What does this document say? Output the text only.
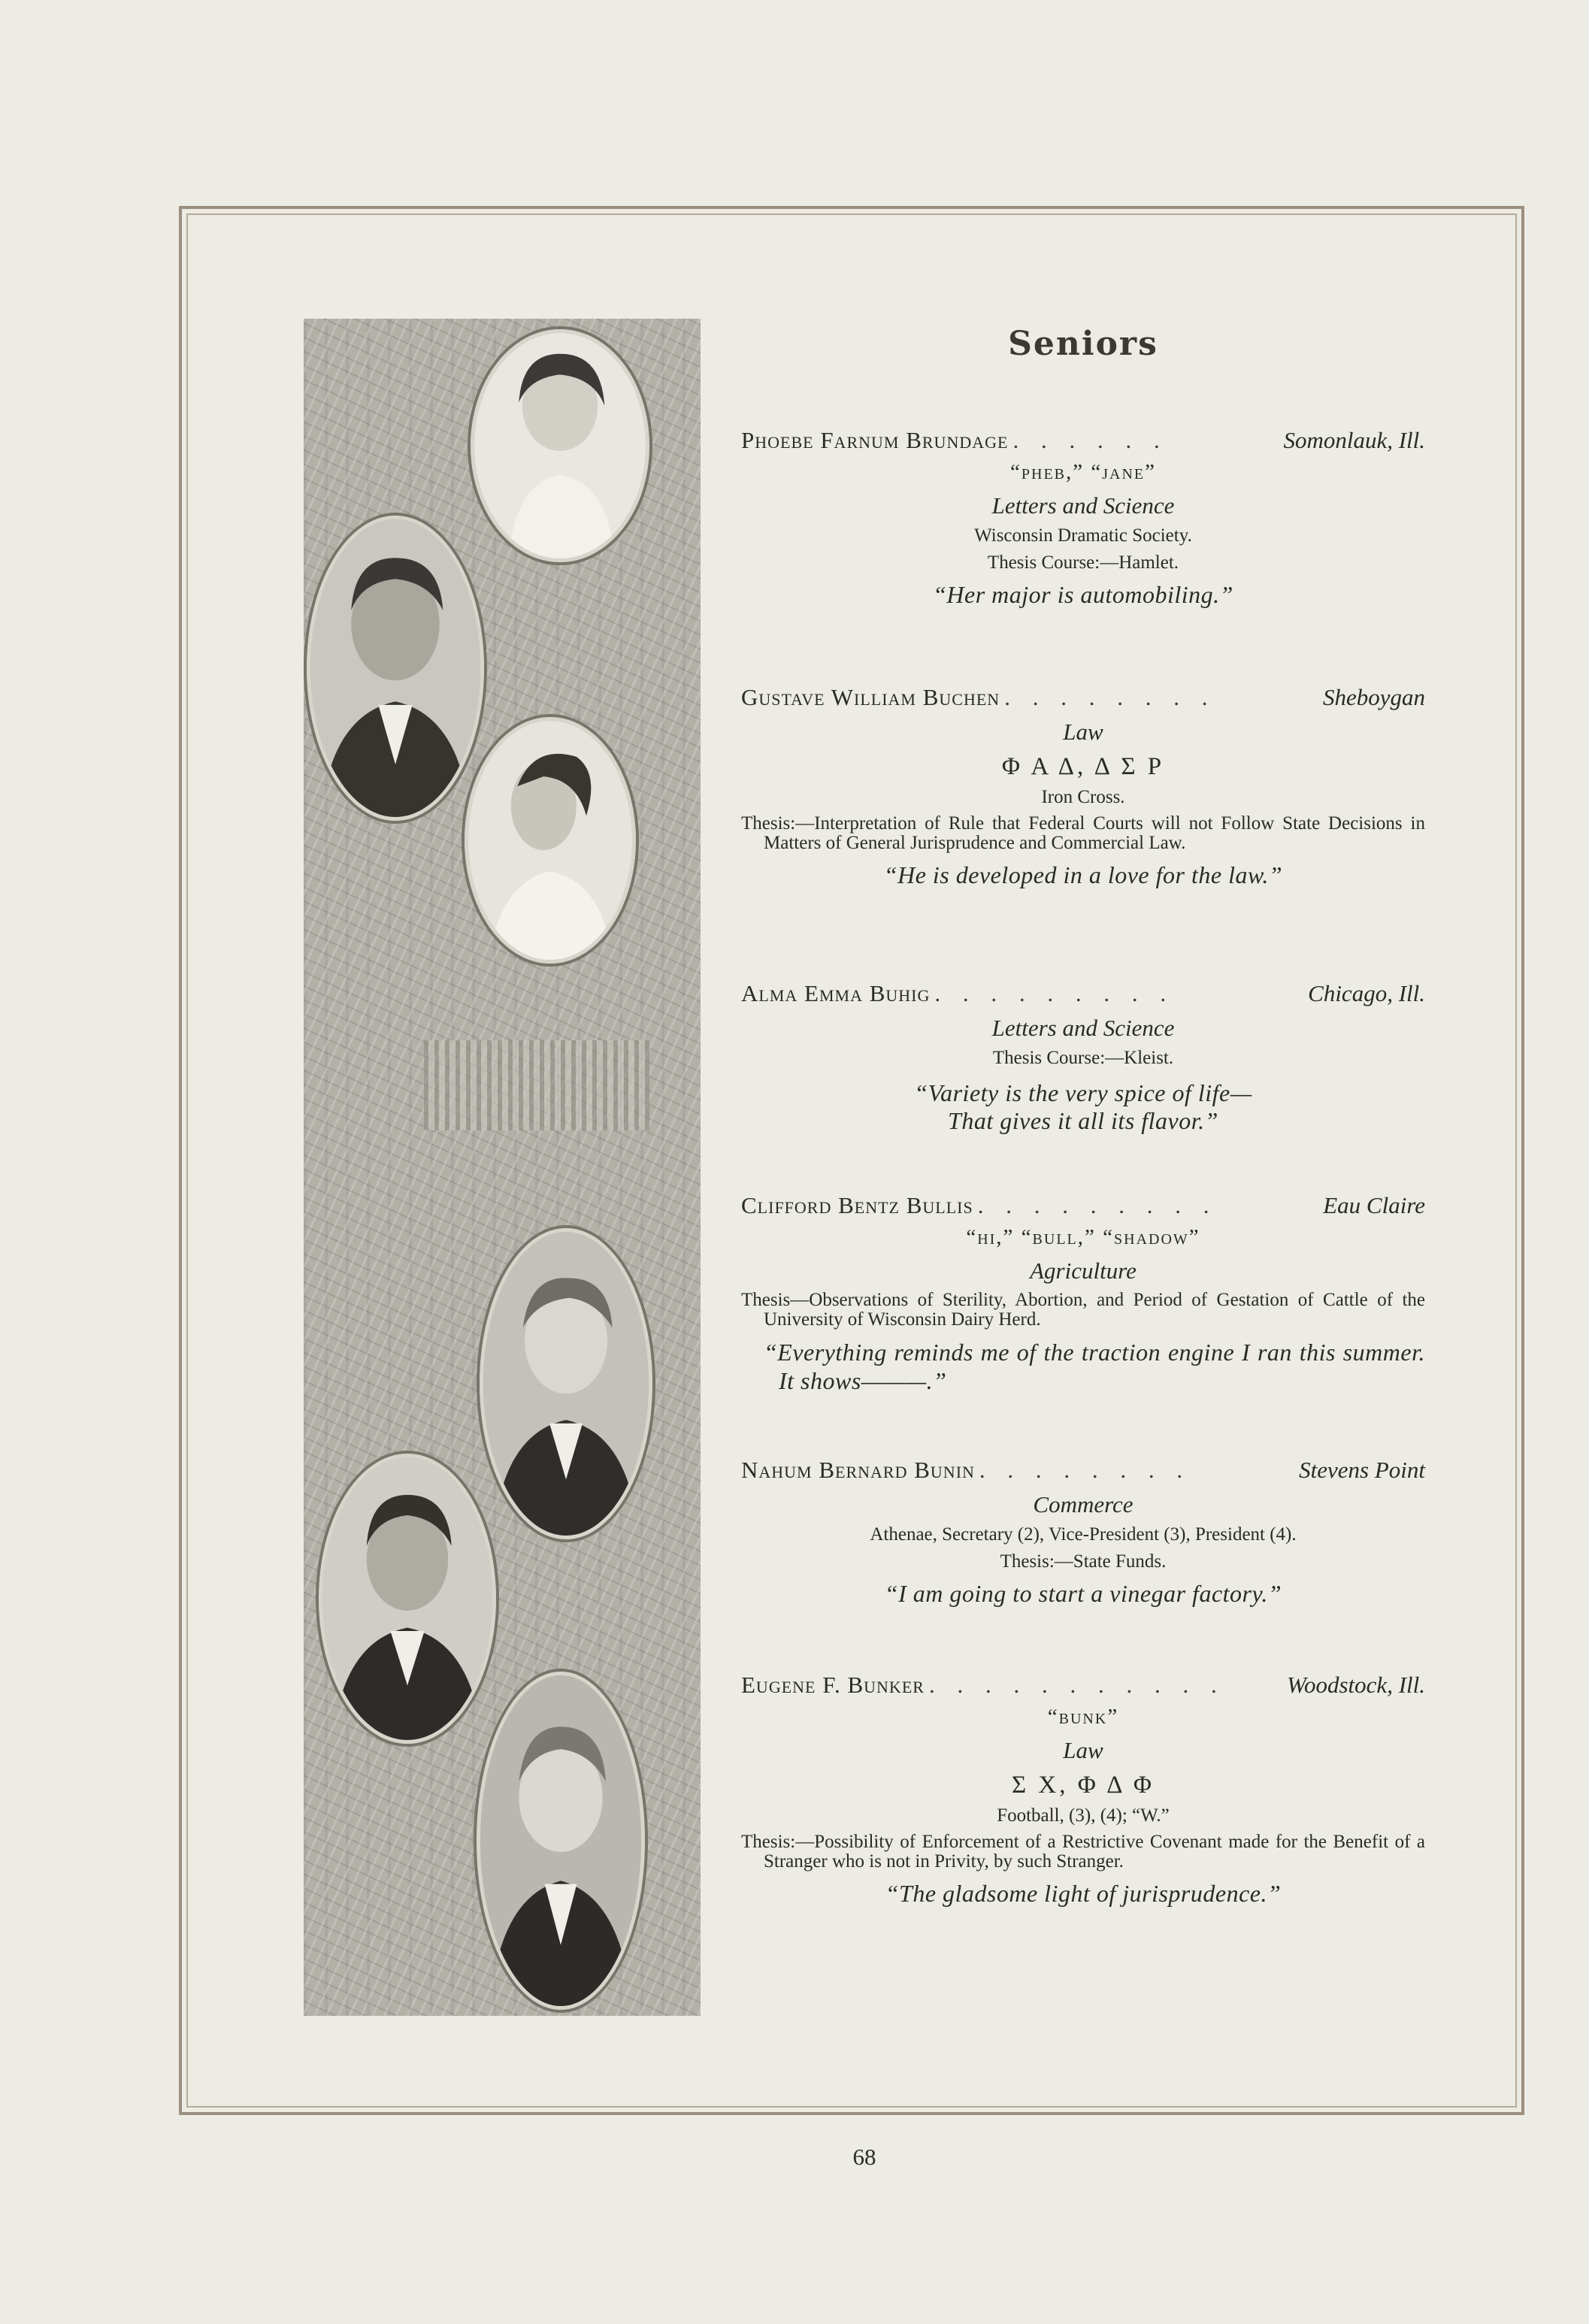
Seniors
Phoebe Farnum Brundage . . . . . .	Somonlauk, Ill.
“pheb,” “jane”
Letters and Science
Wisconsin Dramatic Society.
Thesis Course:—Hamlet.
“Her major is automobiling.”
Gustave William Buchen . . . . . . . .	Sheboygan
Law
Φ Α Δ, Δ Σ Ρ
Iron Cross.
Thesis:—Interpretation of Rule that Federal Courts will not Follow State Decisions in Matters of General Jurisprudence and Commercial Law.
“He is developed in a love for the law.”
Alma Emma Buhig . . . . . . . . .	Chicago, Ill.
Letters and Science
Thesis Course:—Kleist.
“Variety is the very spice of life—
That gives it all its flavor.”
Clifford Bentz Bullis . . . . . . . . .	Eau Claire
“hi,” “bull,” “shadow”
Agriculture
Thesis—Observations of Sterility, Abortion, and Period of Gestation of Cattle of the University of Wisconsin Dairy Herd.
“Everything reminds me of the traction engine I ran this summer. It shows———.”
Nahum Bernard Bunin . . . . . . . .	Stevens Point
Commerce
Athenae, Secretary (2), Vice-President (3), President (4).
Thesis:—State Funds.
“I am going to start a vinegar factory.”
Eugene F. Bunker . . . . . . . . . . .	Woodstock, Ill.
“bunk”
Law
Σ Χ, Φ Δ Φ
Football, (3), (4); “W.”
Thesis:—Possibility of Enforcement of a Restrictive Covenant made for the Benefit of a Stranger who is not in Privity, by such Stranger.
“The gladsome light of jurisprudence.”
68
